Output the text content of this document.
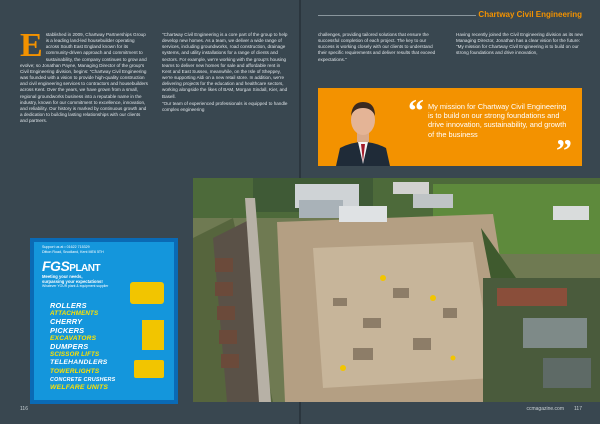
Chartway Civil Engineering
E stablished in 2009, Chartway Partnerships Group is a leading land-led housebuilder operating across South East England known for its community-driven approach and commitment to sustainability, the company continues to grow and evolve; so Jonathan Payne, Managing Director of the group's Civil Engineering division, begins: "Chartway Civil Engineering was founded with a vision to provide high-quality construction and civil engineering services to contractors and housebuilders across Kent. Over the years, we have grown from a small, regional groundworks business into a reputable name in the industry, known for our commitment to excellence, innovation, and reliability. Our history is marked by continuous growth and a dedication to building lasting relationships with our clients and partners.

"Chartway Civil Engineering is a core part of the group to help develop new homes. As a team, we deliver a wide range of services, including groundworks, road construction, drainage systems, and utility installations for a range of clients and sectors. For example, we're working with the group's housing teams to deliver new homes for sale and affordable rent in Kent and East Sussex, meanwhile, on the Isle of Sheppey, we're supporting Aldi on a new retail store. In addition, we're delivering projects for the education and healthcare sectors, working alongside the likes of BAM, Morgan Sindall, Kier, and Basell.

"Our team of experienced professionals is equipped to handle complex engineering

challenges, providing tailored solutions that ensure the successful completion of each project. The key to our success is working closely with our clients to understand their specific requirements and deliver results that exceed expectations."

Having recently joined the Civil Engineering division as its new Managing Director, Jonathan has a clear vision for the future: "My mission for Chartway Civil Engineering is to build on our strong foundations and drive innovation,

Support us at • 01622 715329
Ditton Road, Snodland, Kent ME6 5TH
FGSPLANT
Meeting your needs,
surpassing your expectations!
Whatever YOUR plant & equipment supplier
ROLLERS
ATTACHMENTS
CHERRY
PICKERS
EXCAVATORS
DUMPERS
SCISSOR LIFTS
TELEHANDLERS
TOWERLIGHTS
CONCRETE CRUSHERS
WELFARE UNITS
“ My mission for Chartway Civil Engineering is to build on our strong foundations and drive innovation, sustainability, and growth of the business	”
116	ccmagazine.com 117
